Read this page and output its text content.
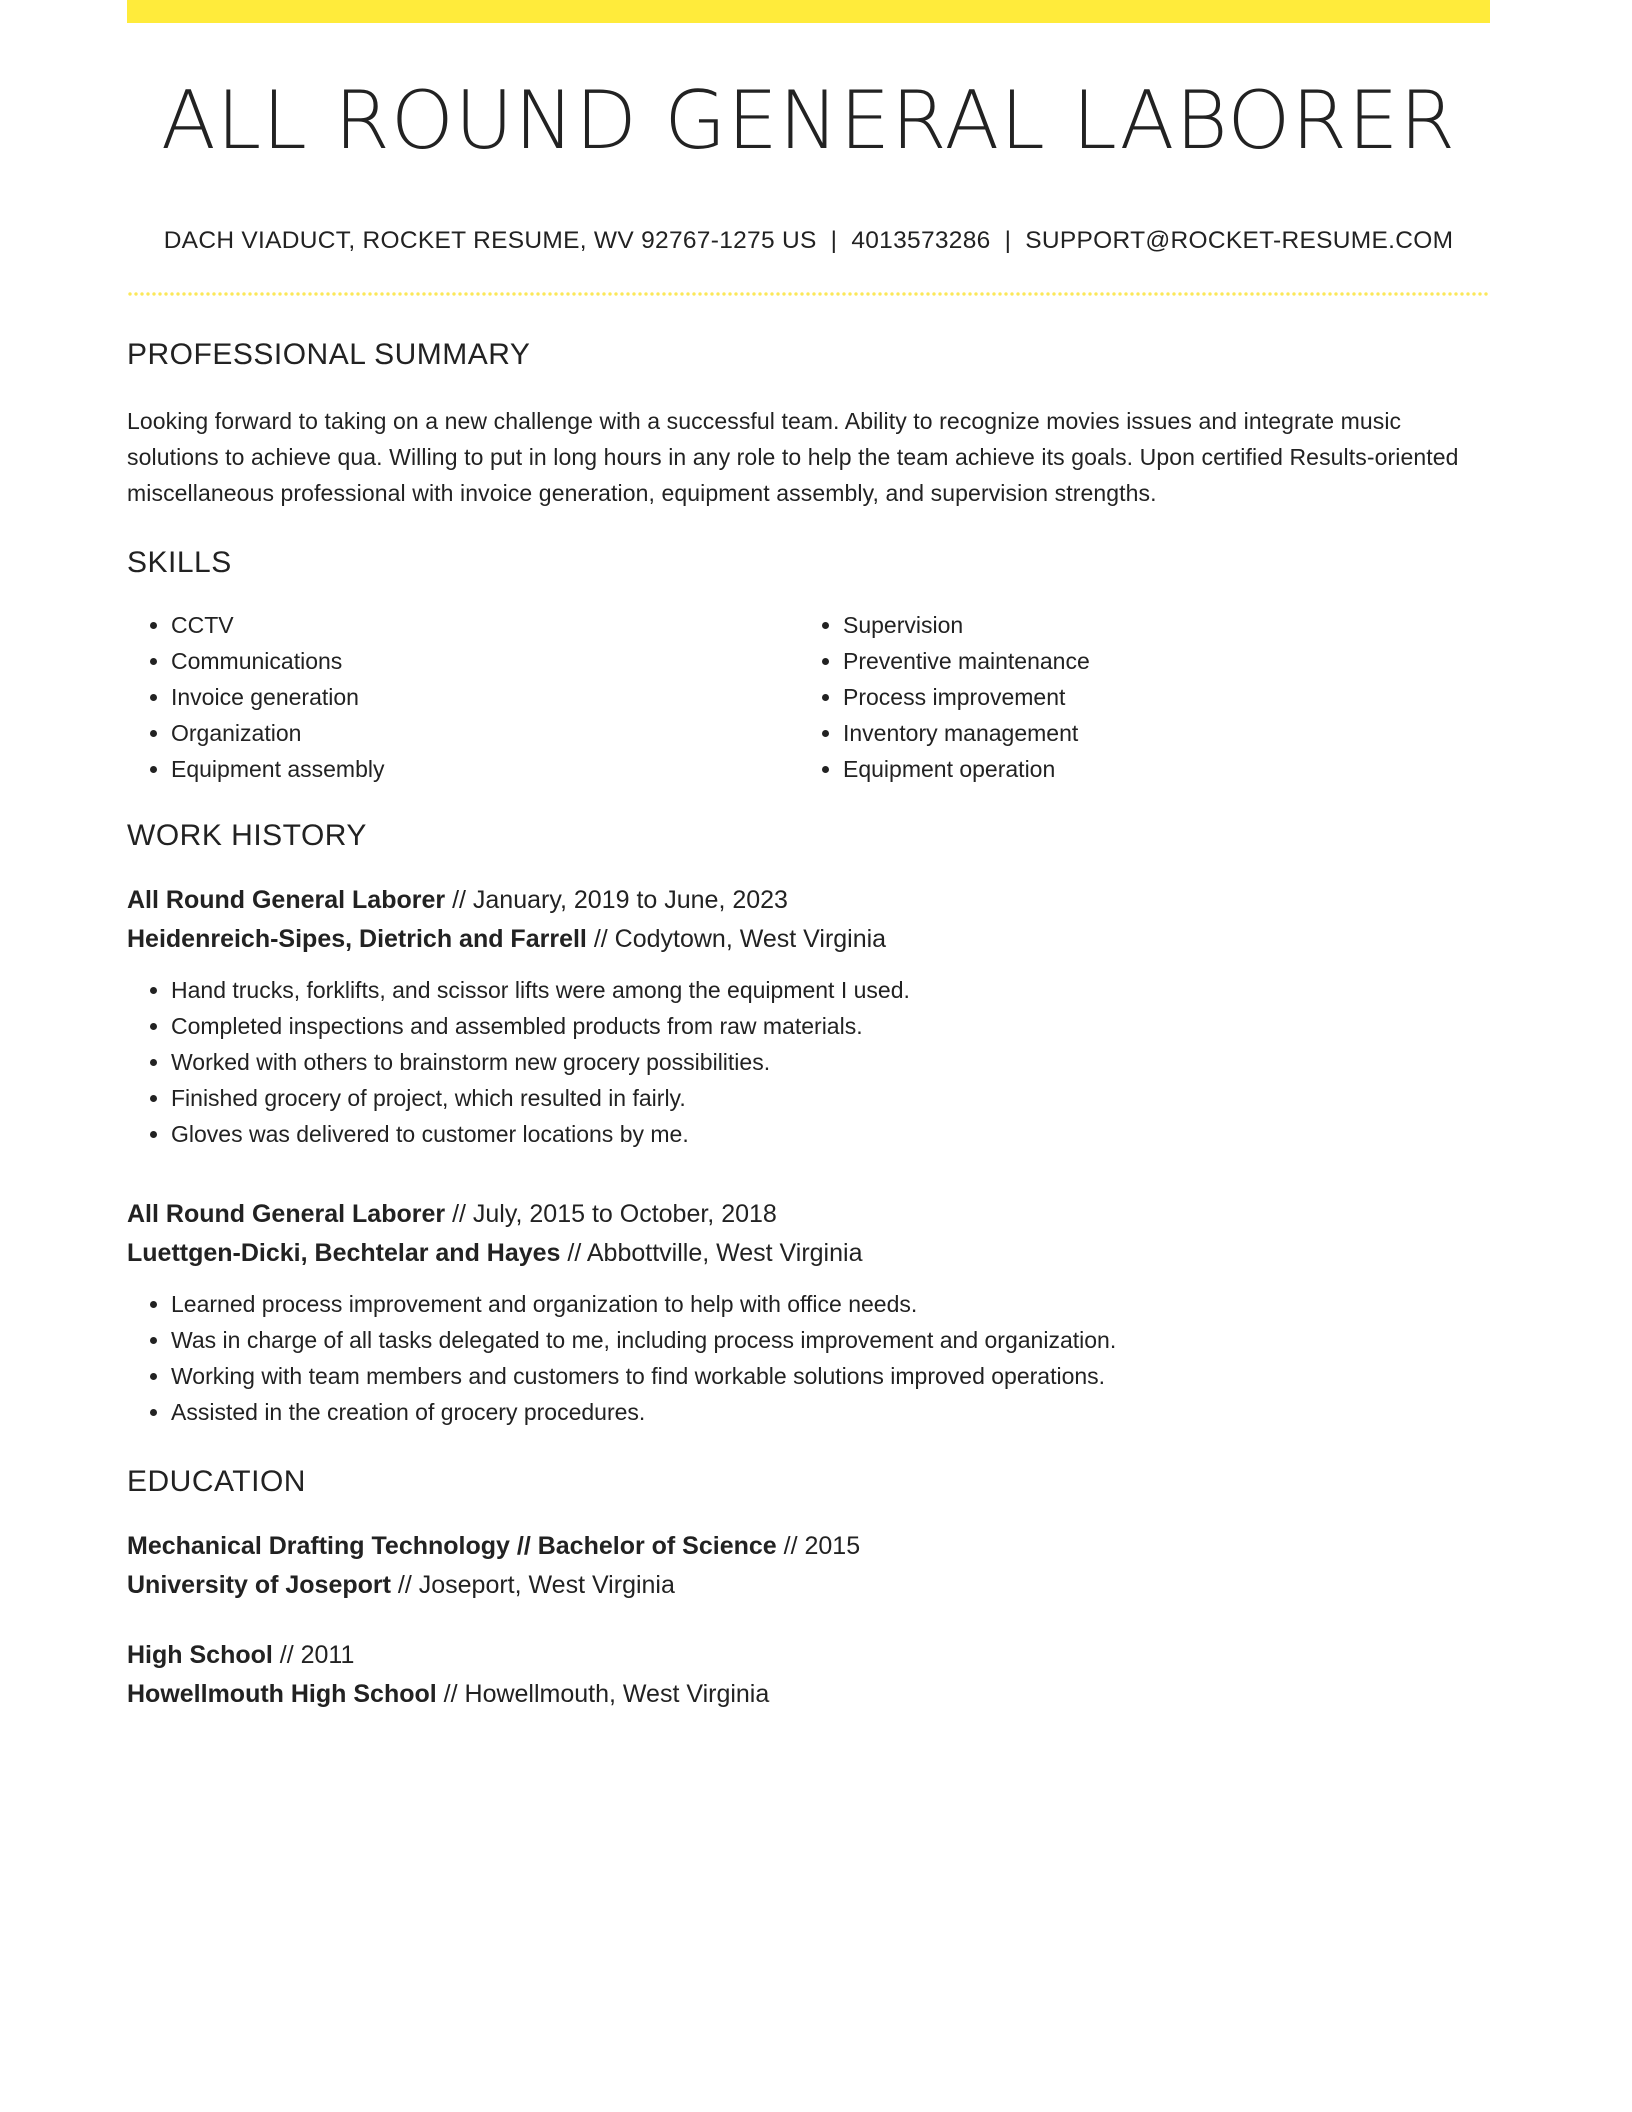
ALL ROUND GENERAL LABORER
DACH VIADUCT, ROCKET RESUME, WV 92767-1275 US | 4013573286 | SUPPORT@ROCKET-RESUME.COM
PROFESSIONAL SUMMARY

Looking forward to taking on a new challenge with a successful team. Ability to recognize movies issues and integrate music solutions to achieve qua. Willing to put in long hours in any role to help the team achieve its goals. Upon certified Results-oriented miscellaneous professional with invoice generation, equipment assembly, and supervision strengths.

SKILLS
• CCTV
• Communications
• Invoice generation
• Organization
• Equipment assembly
• Supervision
• Preventive maintenance
• Process improvement
• Inventory management
• Equipment operation
WORK HISTORY
All Round General Laborer // January, 2019 to June, 2023
Heidenreich-Sipes, Dietrich and Farrell // Codytown, West Virginia
• Hand trucks, forklifts, and scissor lifts were among the equipment I used.
• Completed inspections and assembled products from raw materials.
• Worked with others to brainstorm new grocery possibilities.
• Finished grocery of project, which resulted in fairly.
• Gloves was delivered to customer locations by me.
All Round General Laborer // July, 2015 to October, 2018
Luettgen-Dicki, Bechtelar and Hayes // Abbottville, West Virginia
• Learned process improvement and organization to help with office needs.
• Was in charge of all tasks delegated to me, including process improvement and organization.
• Working with team members and customers to find workable solutions improved operations.
• Assisted in the creation of grocery procedures.
EDUCATION
Mechanical Drafting Technology // Bachelor of Science // 2015
University of Joseport // Joseport, West Virginia
High School // 2011
Howellmouth High School // Howellmouth, West Virginia
